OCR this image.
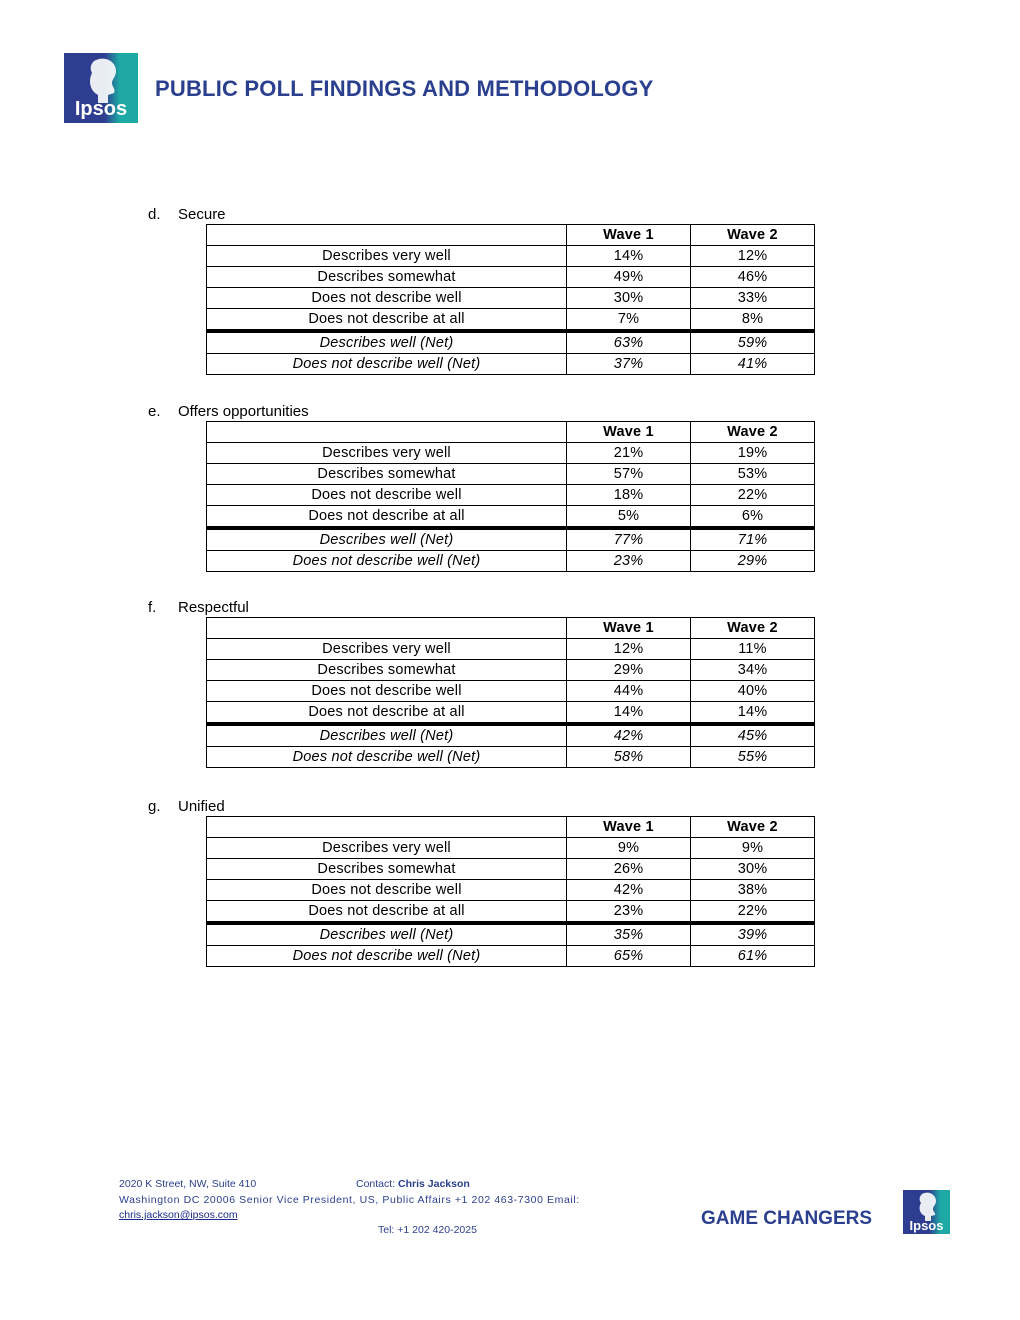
Ipsos
PUBLIC POLL FINDINGS AND METHODOLOGY
d. Secure
	Wave 1	Wave 2
Describes very well	14%	12%
Describes somewhat	49%	46%
Does not describe well	30%	33%
Does not describe at all	7%	8%
Describes well (Net)	63%	59%
Does not describe well (Net)	37%	41%
e. Offers opportunities
	Wave 1	Wave 2
Describes very well	21%	19%
Describes somewhat	57%	53%
Does not describe well	18%	22%
Does not describe at all	5%	6%
Describes well (Net)	77%	71%
Does not describe well (Net)	23%	29%
f. Respectful
	Wave 1	Wave 2
Describes very well	12%	11%
Describes somewhat	29%	34%
Does not describe well	44%	40%
Does not describe at all	14%	14%
Describes well (Net)	42%	45%
Does not describe well (Net)	58%	55%
g. Unified
	Wave 1	Wave 2
Describes very well	9%	9%
Describes somewhat	26%	30%
Does not describe well	42%	38%
Does not describe at all	23%	22%
Describes well (Net)	35%	39%
Does not describe well (Net)	65%	61%
2020 K Street, NW, Suite 410	Contact: Chris Jackson
Washington DC 20006 Senior Vice President, US, Public Affairs +1 202 463-7300 Email:
chris.jackson@ipsos.com
Tel: +1 202 420-2025
GAME CHANGERS	Ipsos
